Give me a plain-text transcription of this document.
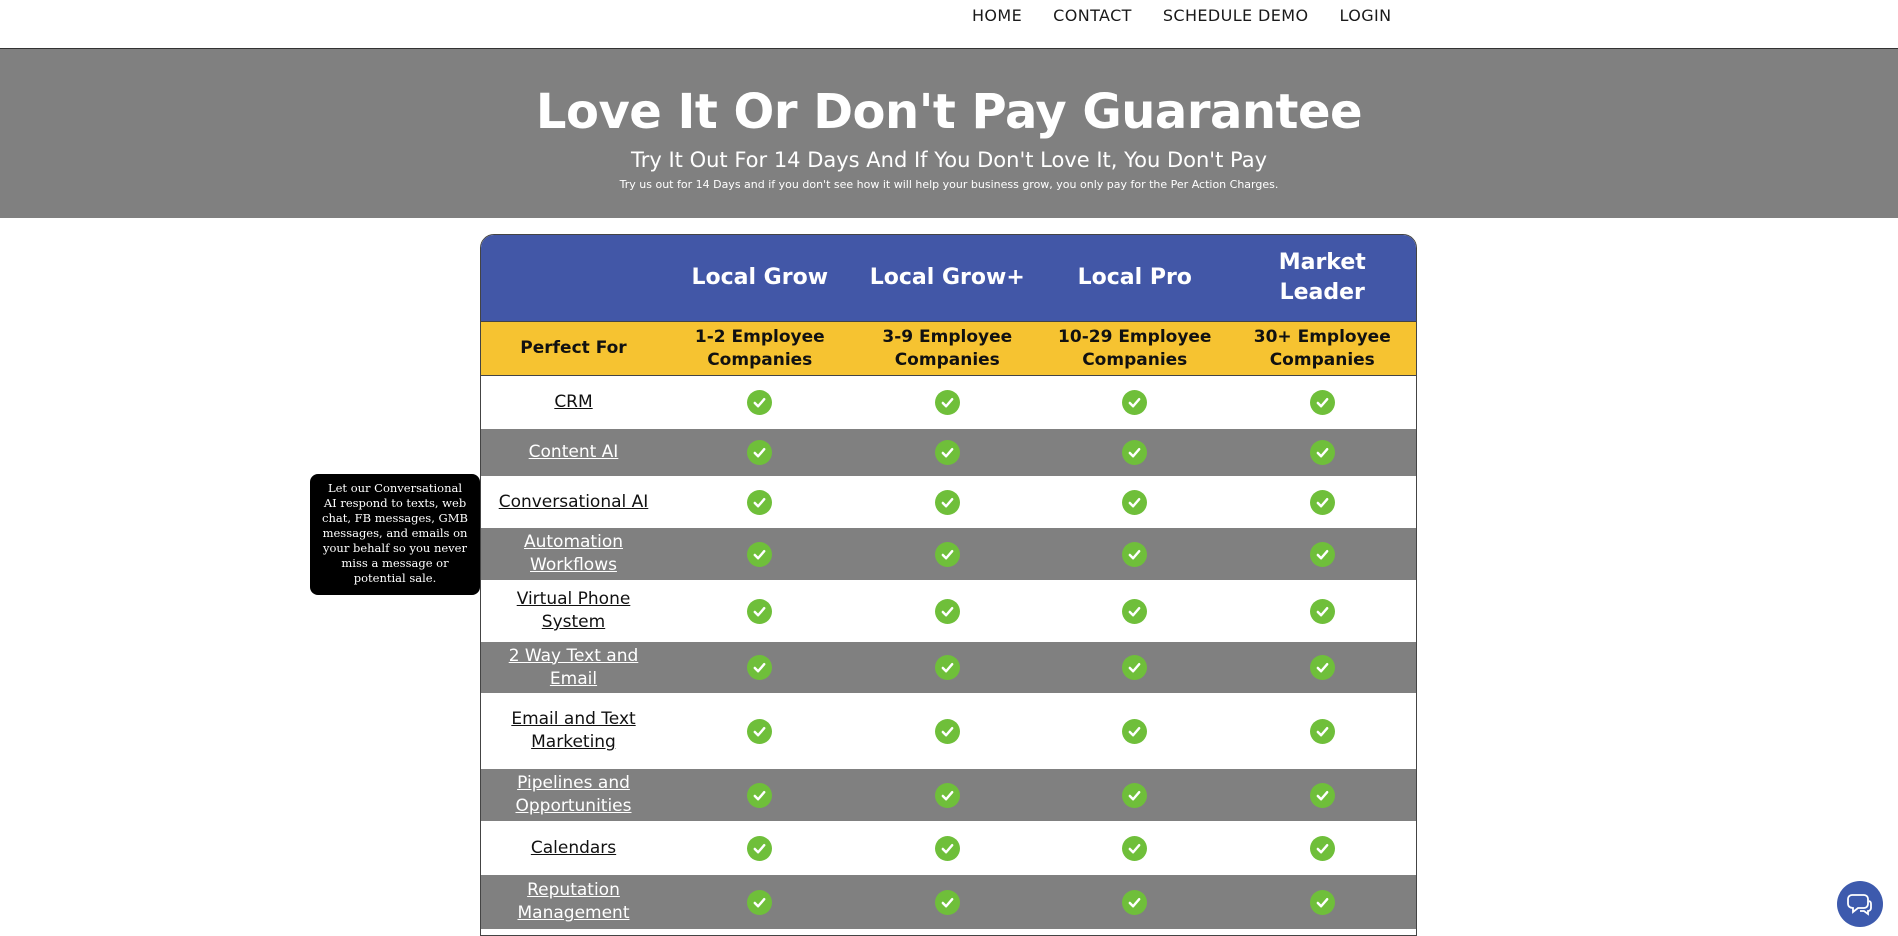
HOME CONTACT SCHEDULE DEMO LOGIN
Love It Or Don't Pay Guarantee
Try It Out For 14 Days And If You Don't Love It, You Don't Pay
Try us out for 14 Days and if you don't see how it will help your business grow, you only pay for the Per Action Charges.
Local Grow	Local Grow+	Local Pro
Market Leader
Perfect For
1-2 Employee Companies
3-9 Employee Companies
10-29 Employee Companies
30+ Employee Companies
CRM
Content AI
Conversational AI
Automation Workflows
Virtual Phone System
2 Way Text and Email
Email and Text Marketing
Pipelines and Opportunities
Calendars
Reputation Management
Let our Conversational AI respond to texts, web chat, FB messages, GMB messages, and emails on your behalf so you never miss a message or potential sale.
